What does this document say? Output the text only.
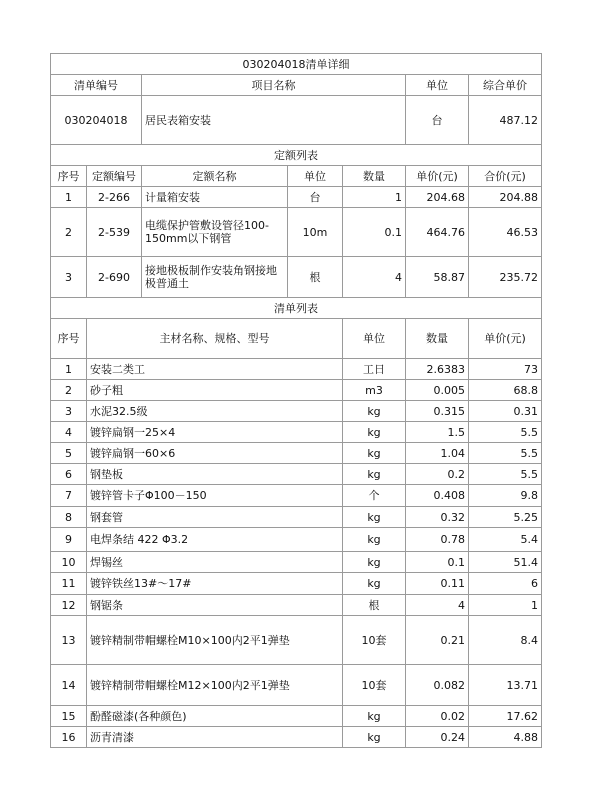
030204018清单详细							
清单编号		项目名称			单位	综合单价	
030204018		居民表箱安装			台	487.12	
定额列表							
序号	定额编号	定额名称	单位	数量	单价(元)	合价(元)	
1	2-266	计量箱安装	台	1	204.68	204.88	
2	2-539	电缆保护管敷设管径100-150mm以下钢管	10m	0.1	464.76	46.53	
3	2-690	接地极板制作安装角钢接地极普通土	根	4	58.87	235.72	
清单列表							
序号	主材名称、规格、型号			单位	数量	单价(元)	
1	安装二类工			工日	2.6383	73	
2	砂子粗			m3	0.005	68.8	
3	水泥32.5级			kg	0.315	0.31	
4	镀锌扁钢一25×4			kg	1.5	5.5	
5	镀锌扁钢一60×6			kg	1.04	5.5	
6	钢垫板			kg	0.2	5.5	
7	镀锌管卡子Φ100－150			个	0.408	9.8	
8	钢套管			kg	0.32	5.25	
9	电焊条结 422 Φ3.2			kg	0.78	5.4	
10	焊锡丝			kg	0.1	51.4	
11	镀锌铁丝13#～17#			kg	0.11	6	
12	钢锯条			根	4	1	
13	镀锌精制带帽螺栓M10×100内2平1弹垫			10套	0.21	8.4	
14	镀锌精制带帽螺栓M12×100内2平1弹垫			10套	0.082	13.71	
15	酚醛磁漆(各种颜色)			kg	0.02	17.62	
16	沥青清漆			kg	0.24	4.88	
